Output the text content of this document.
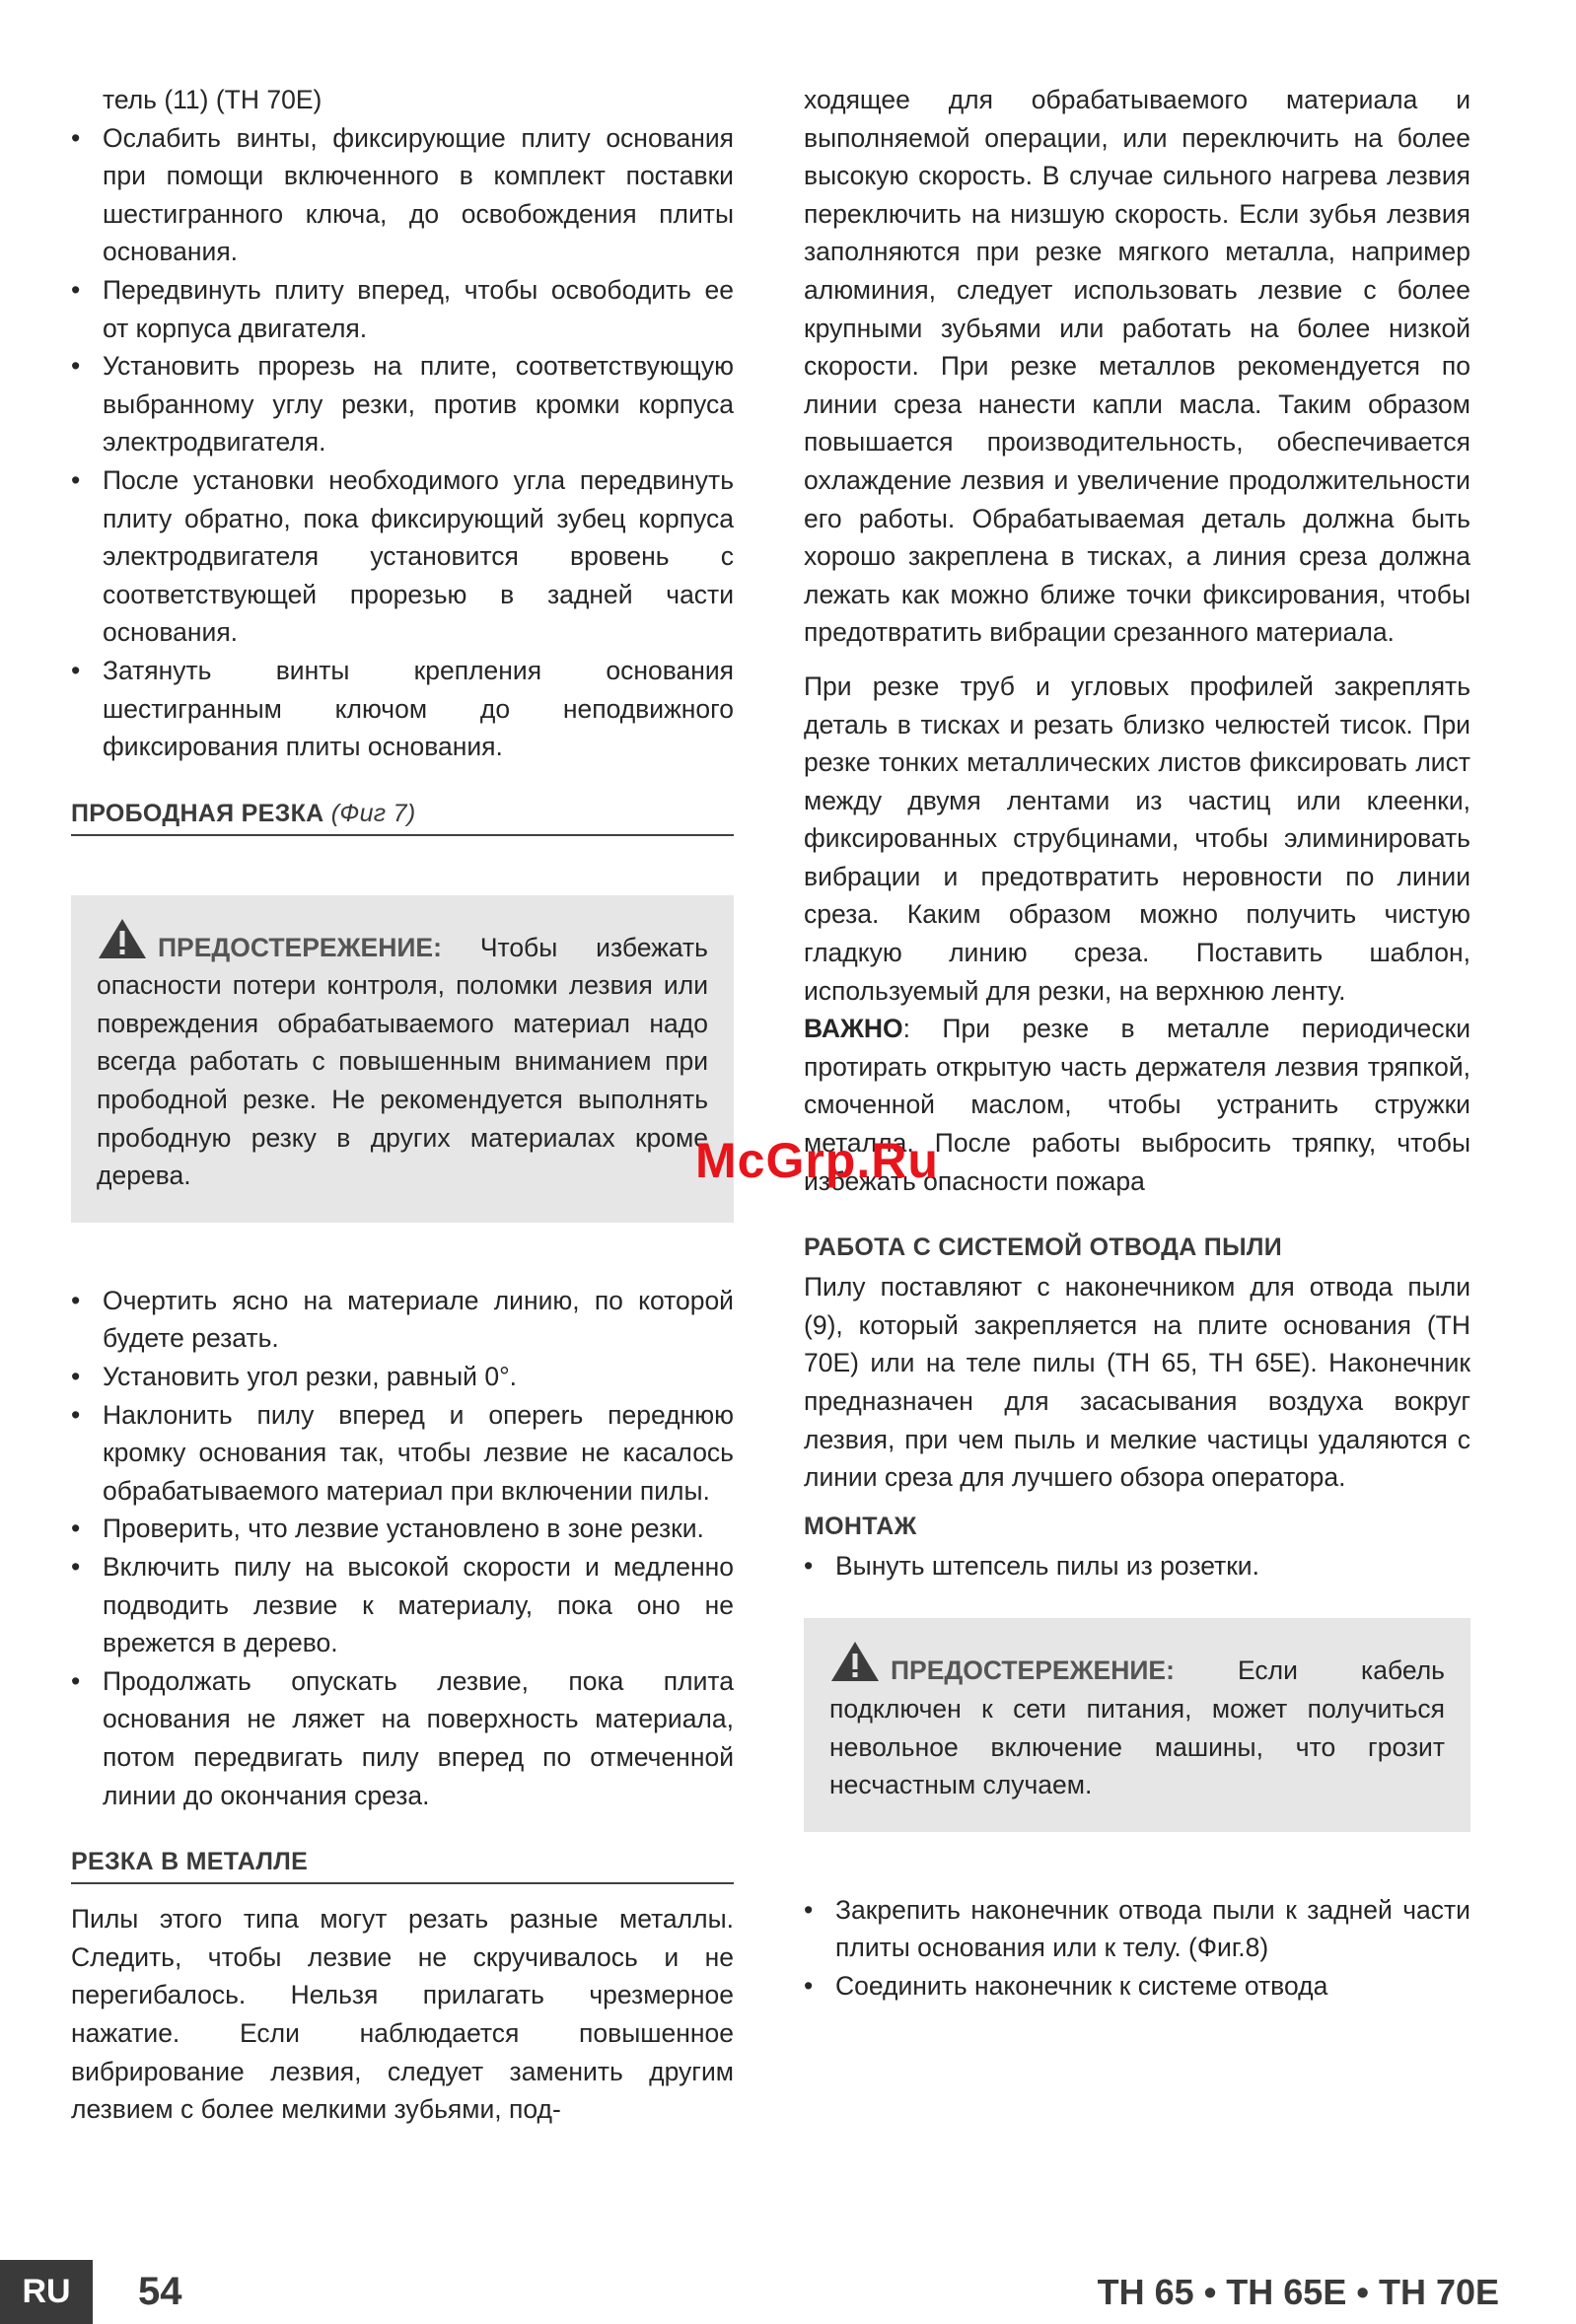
тель (11) (ТН 70E)

• Ослабить винты, фиксирующие плиту основания при помощи включенного в комплект поставки шестигранного ключа, до освобождения плиты основания.
• Передвинуть плиту вперед, чтобы освободить ее от корпуса двигателя.
• Установить прорезь на плите, соответствующую выбранному углу резки, против кромки корпуса электродвигателя.
• После установки необходимого угла передвинуть плиту обратно, пока фиксирующий зубец корпуса электродвигателя установится вровень с соответствующей прорезью в задней части основания.
• Затянуть винты крепления основания шестигранным ключом до неподвижного фиксирования плиты основания.
ПРОБОДНАЯ РЕЗКА (Фиг 7)
ПРЕДОСТЕРЕЖЕНИЕ: Чтобы избежать опасности потери контроля, поломки лезвия или повреждения обрабатываемого материал надо всегда работать с повышенным вниманием при прободной резке. Не рекомендуется выполнять прободную резку в других материалах кроме дерева.
• Очертить ясно на материале линию, по которой будете резать.
• Установить угол резки, равный 0°.
• Наклонить пилу вперед и оперerь переднюю кромку основания так, чтобы лезвие не касалось обрабатываемого материал при включении пилы.
• Проверить, что лезвие установлено в зоне резки.
• Включить пилу на высокой скорости и медленно подводить лезвие к материалу, пока оно не врежется в дерево.
• Продолжать опускать лезвие, пока плита основания не ляжет на поверхность материала, потом передвигать пилу вперед по отмеченной линии до окончания среза.
РЕЗКА В МЕТАЛЛЕ

Пилы этого типа могут резать разные металлы. Следить, чтобы лезвие не скручивалось и не перегибалось. Нельзя прилагать чрезмерное нажатие. Если наблюдается повышенное вибрирование лезвия, следует заменить другим лезвием с более мелкими зубьями, под-

ходящее для обрабатываемого материала и выполняемой операции, или переключить на более высокую скорость. В случае сильного нагрева лезвия переключить на низшую скорость. Если зубья лезвия заполняются при резке мягкого металла, например алюминия, следует использовать лезвие с более крупными зубьями или работать на более низкой скорости. При резке металлов рекомендуется по линии среза нанести капли масла. Таким образом повышается производительность, обеспечивается охлаждение лезвия и увеличение продолжительности его работы. Обрабатываемая деталь должна быть хорошо закреплена в тисках, а линия среза должна лежать как можно ближе точки фиксирования, чтобы предотвратить вибрации срезанного материала.

При резке труб и угловых профилей закреплять деталь в тисках и резать близко челюстей тисок. При резке тонких металлических листов фиксировать лист между двумя лентами из частиц или клеенки, фиксированных струбцинами, чтобы элиминировать вибрации и предотвратить неровности по линии среза. Каким образом можно получить чистую гладкую линию среза. Поставить шаблон, используемый для резки, на верхнюю ленту.

ВАЖНО: При резке в металле периодически протирать открытую часть держателя лезвия тряпкой, смоченной маслом, чтобы устранить стружки металла. После работы выбросить тряпку, чтобы избежать опасности пожара

РАБОТА С СИСТЕМОЙ ОТВОДА ПЫЛИ

Пилу поставляют с наконечником для отвода пыли (9), который закрепляется на плите основания (ТН 70E) или на теле пилы (ТН 65, ТН 65E). Наконечник предназначен для засасывания воздуха вокруг лезвия, при чем пыль и мелкие частицы удаляются с линии среза для лучшего обзора оператора.

МОНТАЖ
• Вынуть штепсель пилы из розетки.
ПРЕДОСТЕРЕЖЕНИЕ: Если кабель подключен к сети питания, может получиться невольное включение машины, что грозит несчастным случаем.
• Закрепить наконечник отвода пыли к задней части плиты основания или к телу. (Фиг.8)
• Соединить наконечник к системе отвода
McGrp.Ru
RU	54	TH 65 • TH 65E • TH 70E
